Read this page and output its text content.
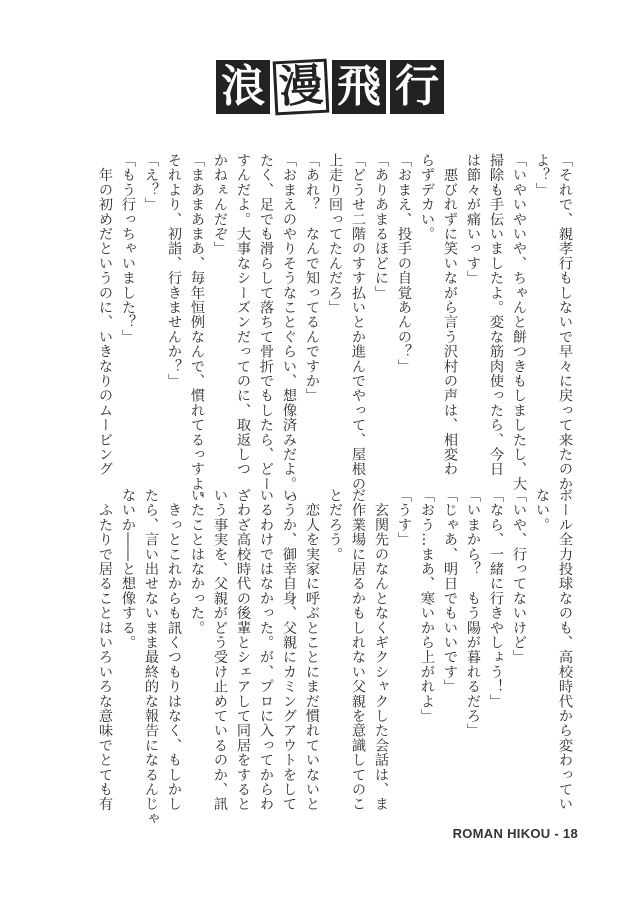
浪 漫 飛 行
「それで、親孝行もしないで早々に戻って来たのか
よ？」
「いやいやいや、ちゃんと餅つきもしましたし、大
掃除も手伝いましたよ。変な筋肉使ったら、今日
は節々が痛いっす」
　悪びれずに笑いながら言う沢村の声は、相変わ
らずデカい。
「おまえ、投手の自覚あんの？」
「ありあまるほどに」
「どうせ二階のすす払いとか進んでやって、屋根の
上走り回ってたんだろ」
「あれ？　なんで知ってるんですか」
「おまえのやりそうなことぐらい、想像済みだよ。っ
たく、足でも滑らして落ちて骨折でもしたら、どー
すんだよ。大事なシーズンだってのに、取返しつ
かねぇんだぞ」
「まあまあまあ、毎年恒例なんで、慣れてるっすよ。
それより、初詣、行きませんか？」
「え？」
「もう行っちゃいました？」
　年の初めだというのに、いきなりのムービング
ボール全力投球なのも、高校時代から変わってい
ない。
「いや、行ってないけど」
「なら、一緒に行きやしょう！」
「いまから？　もう陽が暮れるだろ」
「じゃあ、明日でもいいです」
「おう…まあ、寒いから上がれよ」
「うす」
　玄関先のなんとなくギクシャクした会話は、ま
だ作業場に居るかもしれない父親を意識してのこ
とだろう。
　恋人を実家に呼ぶとことにまだ慣れていないと
いうか、御幸自身、父親にカミングアウトをして
いるわけではなかった。が、プロに入ってからわ
ざわざ高校時代の後輩とシェアして同居をすると
いう事実を、父親がどう受け止めているのか、訊
いたことはなかった。
　きっとこれからも訊くつもりはなく、もしかし
たら、言い出せないまま最終的な報告になるんじゃ
ないか――と想像する。
　ふたりで居ることはいろいろな意味でとても有
ROMAN HIKOU - 18
